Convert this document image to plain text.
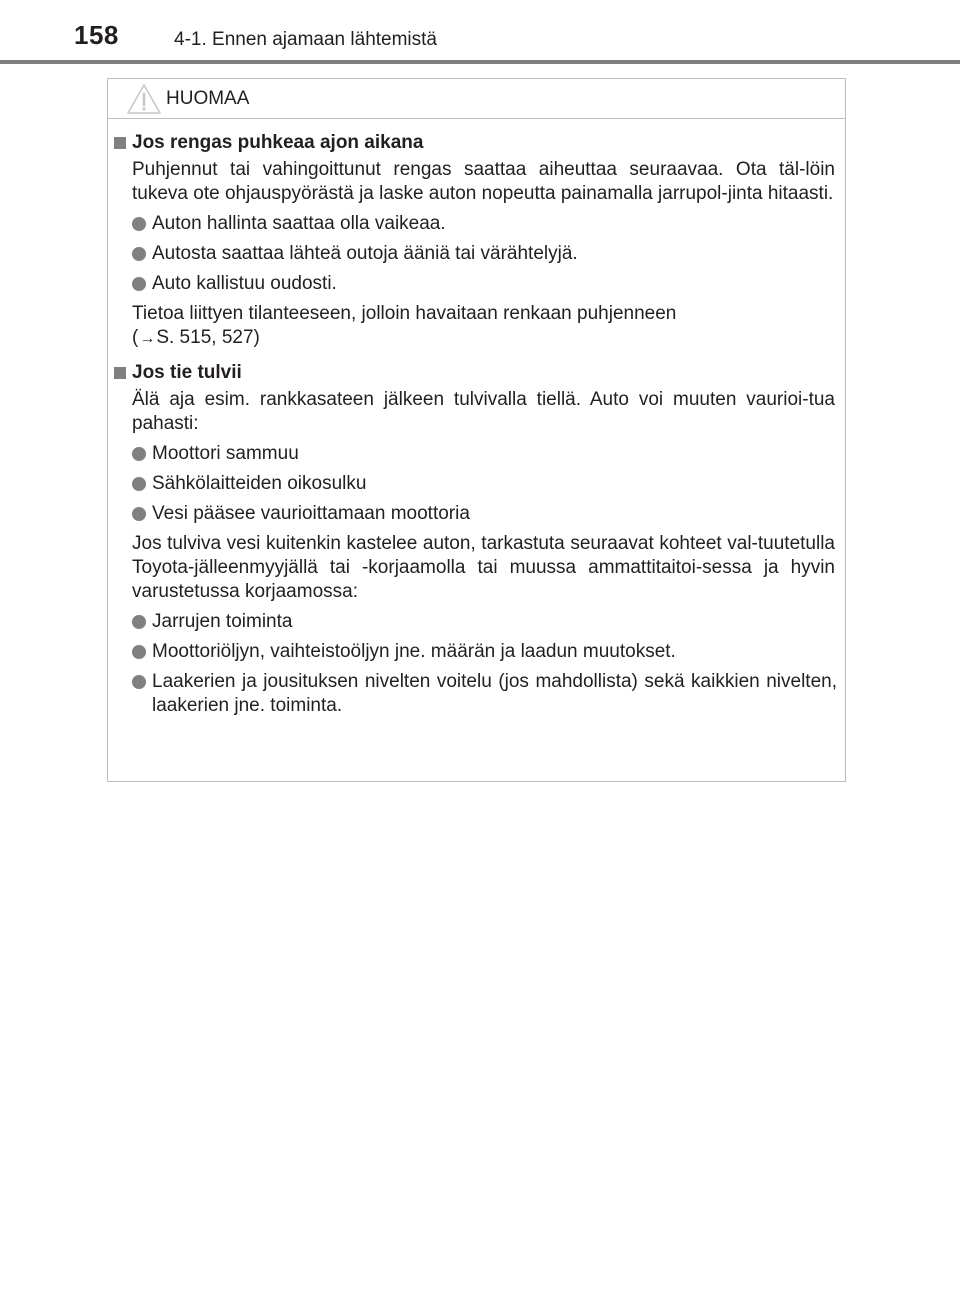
158	4-1. Ennen ajamaan lähtemistä
HUOMAA
Jos rengas puhkeaa ajon aikana
Puhjennut tai vahingoittunut rengas saattaa aiheuttaa seuraavaa. Ota täl-löin tukeva ote ohjauspyörästä ja laske auton nopeutta painamalla jarrupol-jinta hitaasti.
Auton hallinta saattaa olla vaikeaa.
Autosta saattaa lähteä outoja ääniä tai värähtelyjä.
Auto kallistuu oudosti.
Tietoa liittyen tilanteeseen, jolloin havaitaan renkaan puhjenneen
(→S. 515, 527)
Jos tie tulvii
Älä aja esim. rankkasateen jälkeen tulvivalla tiellä. Auto voi muuten vaurioi-tua pahasti:
Moottori sammuu
Sähkölaitteiden oikosulku
Vesi pääsee vaurioittamaan moottoria
Jos tulviva vesi kuitenkin kastelee auton, tarkastuta seuraavat kohteet val-tuutetulla Toyota-jälleenmyyjällä tai -korjaamolla tai muussa ammattitaitoi-sessa ja hyvin varustetussa korjaamossa:
Jarrujen toiminta
Moottoriöljyn, vaihteistoöljyn jne. määrän ja laadun muutokset.
Laakerien ja jousituksen nivelten voitelu (jos mahdollista) sekä kaikkien nivelten, laakerien jne. toiminta.
